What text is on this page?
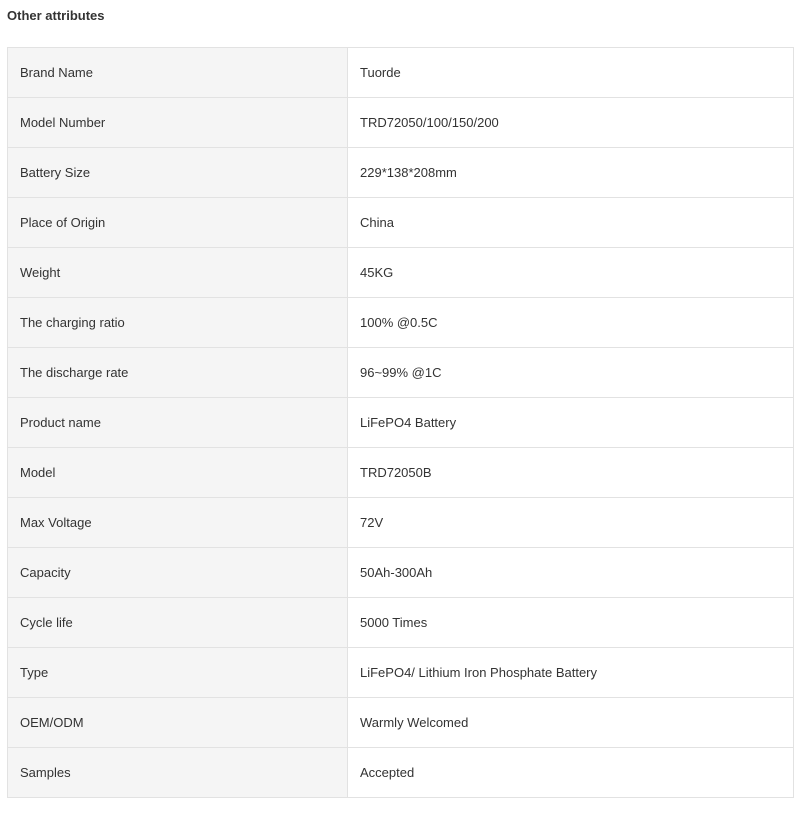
Other attributes
Brand Name	Tuorde
Model Number	TRD72050/100/150/200
Battery Size	229*138*208mm
Place of Origin	China
Weight	45KG
The charging ratio	100% @0.5C
The discharge rate	96~99% @1C
Product name	LiFePO4 Battery
Model	TRD72050B
Max Voltage	72V
Capacity	50Ah-300Ah
Cycle life	5000 Times
Type	LiFePO4/ Lithium Iron Phosphate Battery
OEM/ODM	Warmly Welcomed
Samples	Accepted
